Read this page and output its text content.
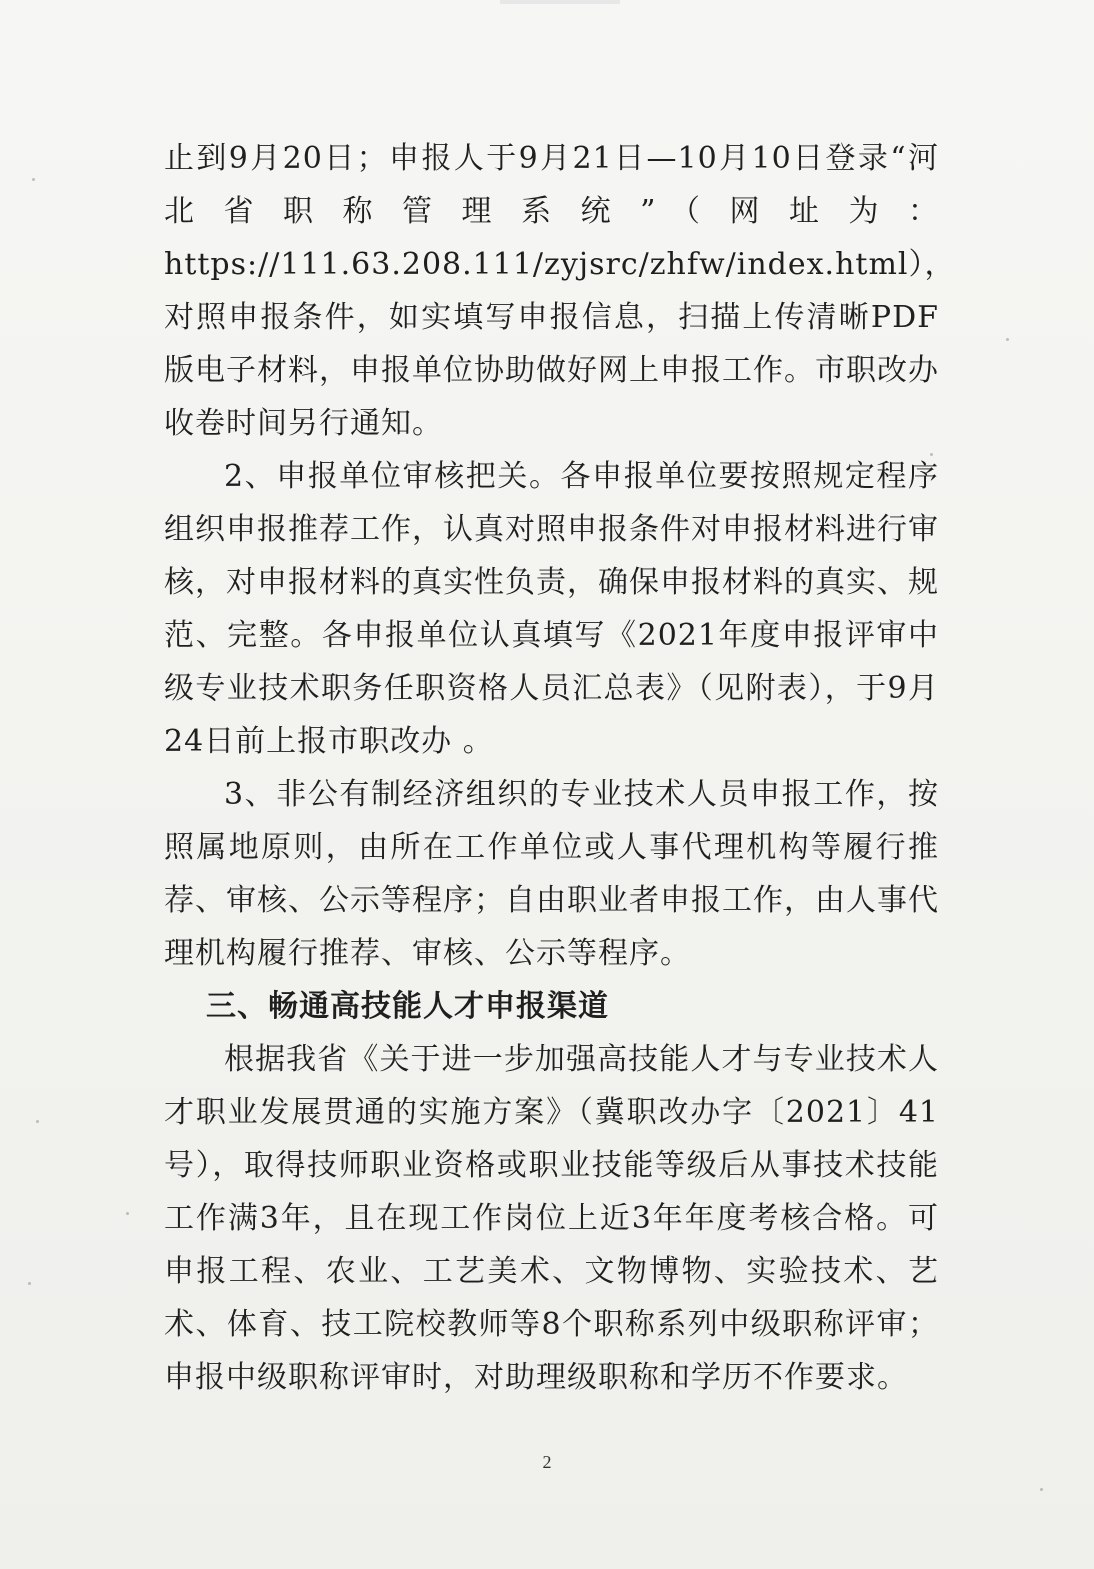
止到9月20日；申报人于9月21日—10月10日登录“河北省职称管理系统”（网址为：https://111.63.208.111/zyjsrc/zhfw/index.html），对照申报条件，如实填写申报信息，扫描上传清晰PDF版电子材料，申报单位协助做好网上申报工作。市职改办收卷时间另行通知。

2、申报单位审核把关。各申报单位要按照规定程序组织申报推荐工作，认真对照申报条件对申报材料进行审核，对申报材料的真实性负责，确保申报材料的真实、规范、完整。各申报单位认真填写《2021年度申报评审中级专业技术职务任职资格人员汇总表》（见附表），于9月24日前上报市职改办 。

3、非公有制经济组织的专业技术人员申报工作，按照属地原则，由所在工作单位或人事代理机构等履行推荐、审核、公示等程序；自由职业者申报工作，由人事代理机构履行推荐、审核、公示等程序。

三、畅通高技能人才申报渠道

根据我省《关于进一步加强高技能人才与专业技术人才职业发展贯通的实施方案》（冀职改办字〔2021〕41号），取得技师职业资格或职业技能等级后从事技术技能工作满3年，且在现工作岗位上近3年年度考核合格。可申报工程、农业、工艺美术、文物博物、实验技术、艺术、体育、技工院校教师等8个职称系列中级职称评审；申报中级职称评审时，对助理级职称和学历不作要求。

2
